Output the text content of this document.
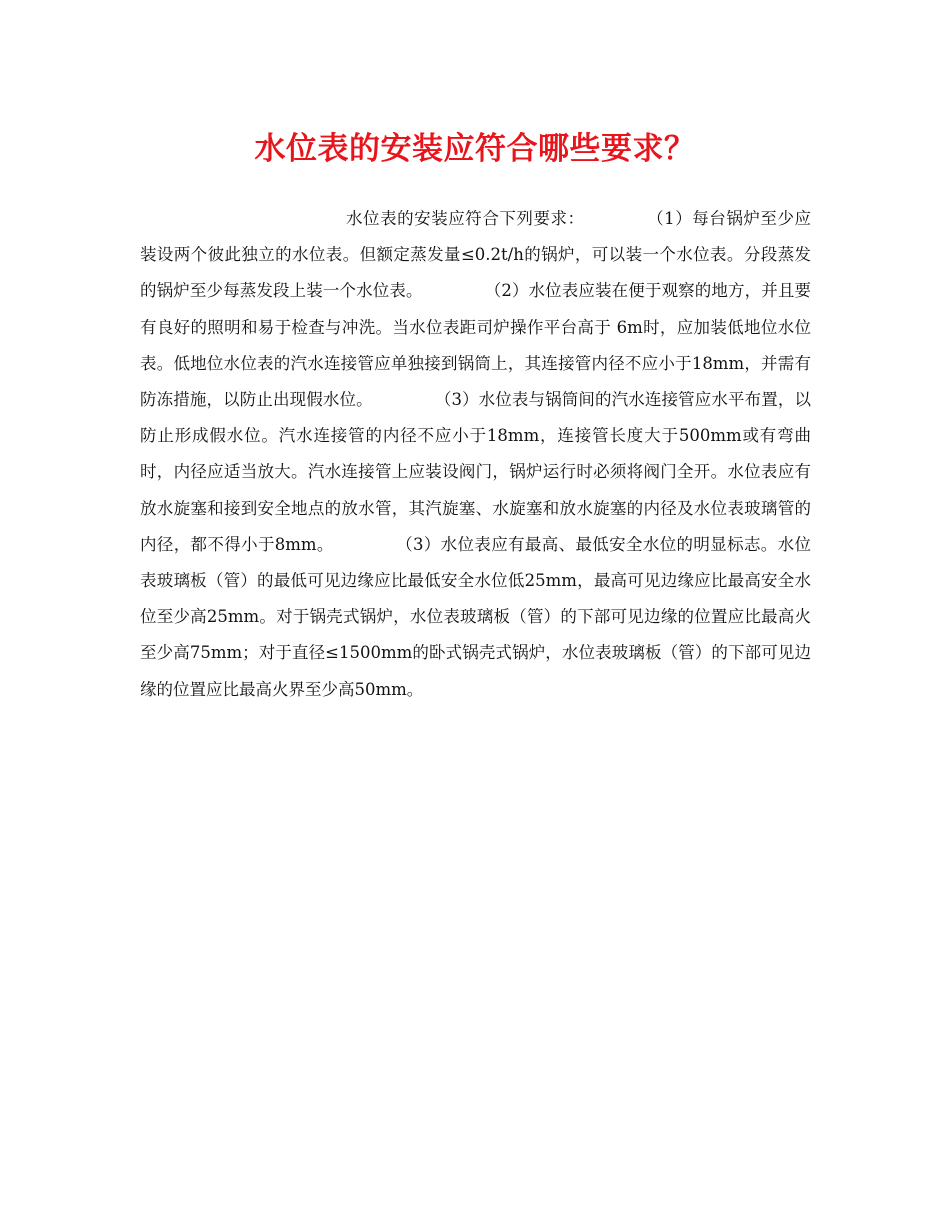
水位表的安装应符合哪些要求？

水位表的安装应符合下列要求：	（1）每台锅炉至少应装设两个彼此独立的水位表。但额定蒸发量≤0.2t/h的锅炉，可以装一个水位表。分段蒸发的锅炉至少每蒸发段上装一个水位表。	（2）水位表应装在便于观察的地方，并且要有良好的照明和易于检查与冲洗。当水位表距司炉操作平台高于 6m时，应加装低地位水位表。低地位水位表的汽水连接管应单独接到锅筒上，其连接管内径不应小于18mm，并需有防冻措施，以防止出现假水位。	（3）水位表与锅筒间的汽水连接管应水平布置，以防止形成假水位。汽水连接管的内径不应小于18mm，连接管长度大于500mm或有弯曲时，内径应适当放大。汽水连接管上应装设阀门，锅炉运行时必须将阀门全开。水位表应有放水旋塞和接到安全地点的放水管，其汽旋塞、水旋塞和放水旋塞的内径及水位表玻璃管的内径，都不得小于8mm。	（3）水位表应有最高、最低安全水位的明显标志。水位表玻璃板（管）的最低可见边缘应比最低安全水位低25mm，最高可见边缘应比最高安全水位至少高25mm。对于锅壳式锅炉，水位表玻璃板（管）的下部可见边缘的位置应比最高火至少高75mm；对于直径≤1500mm的卧式锅壳式锅炉，水位表玻璃板（管）的下部可见边缘的位置应比最高火界至少高50mm。
